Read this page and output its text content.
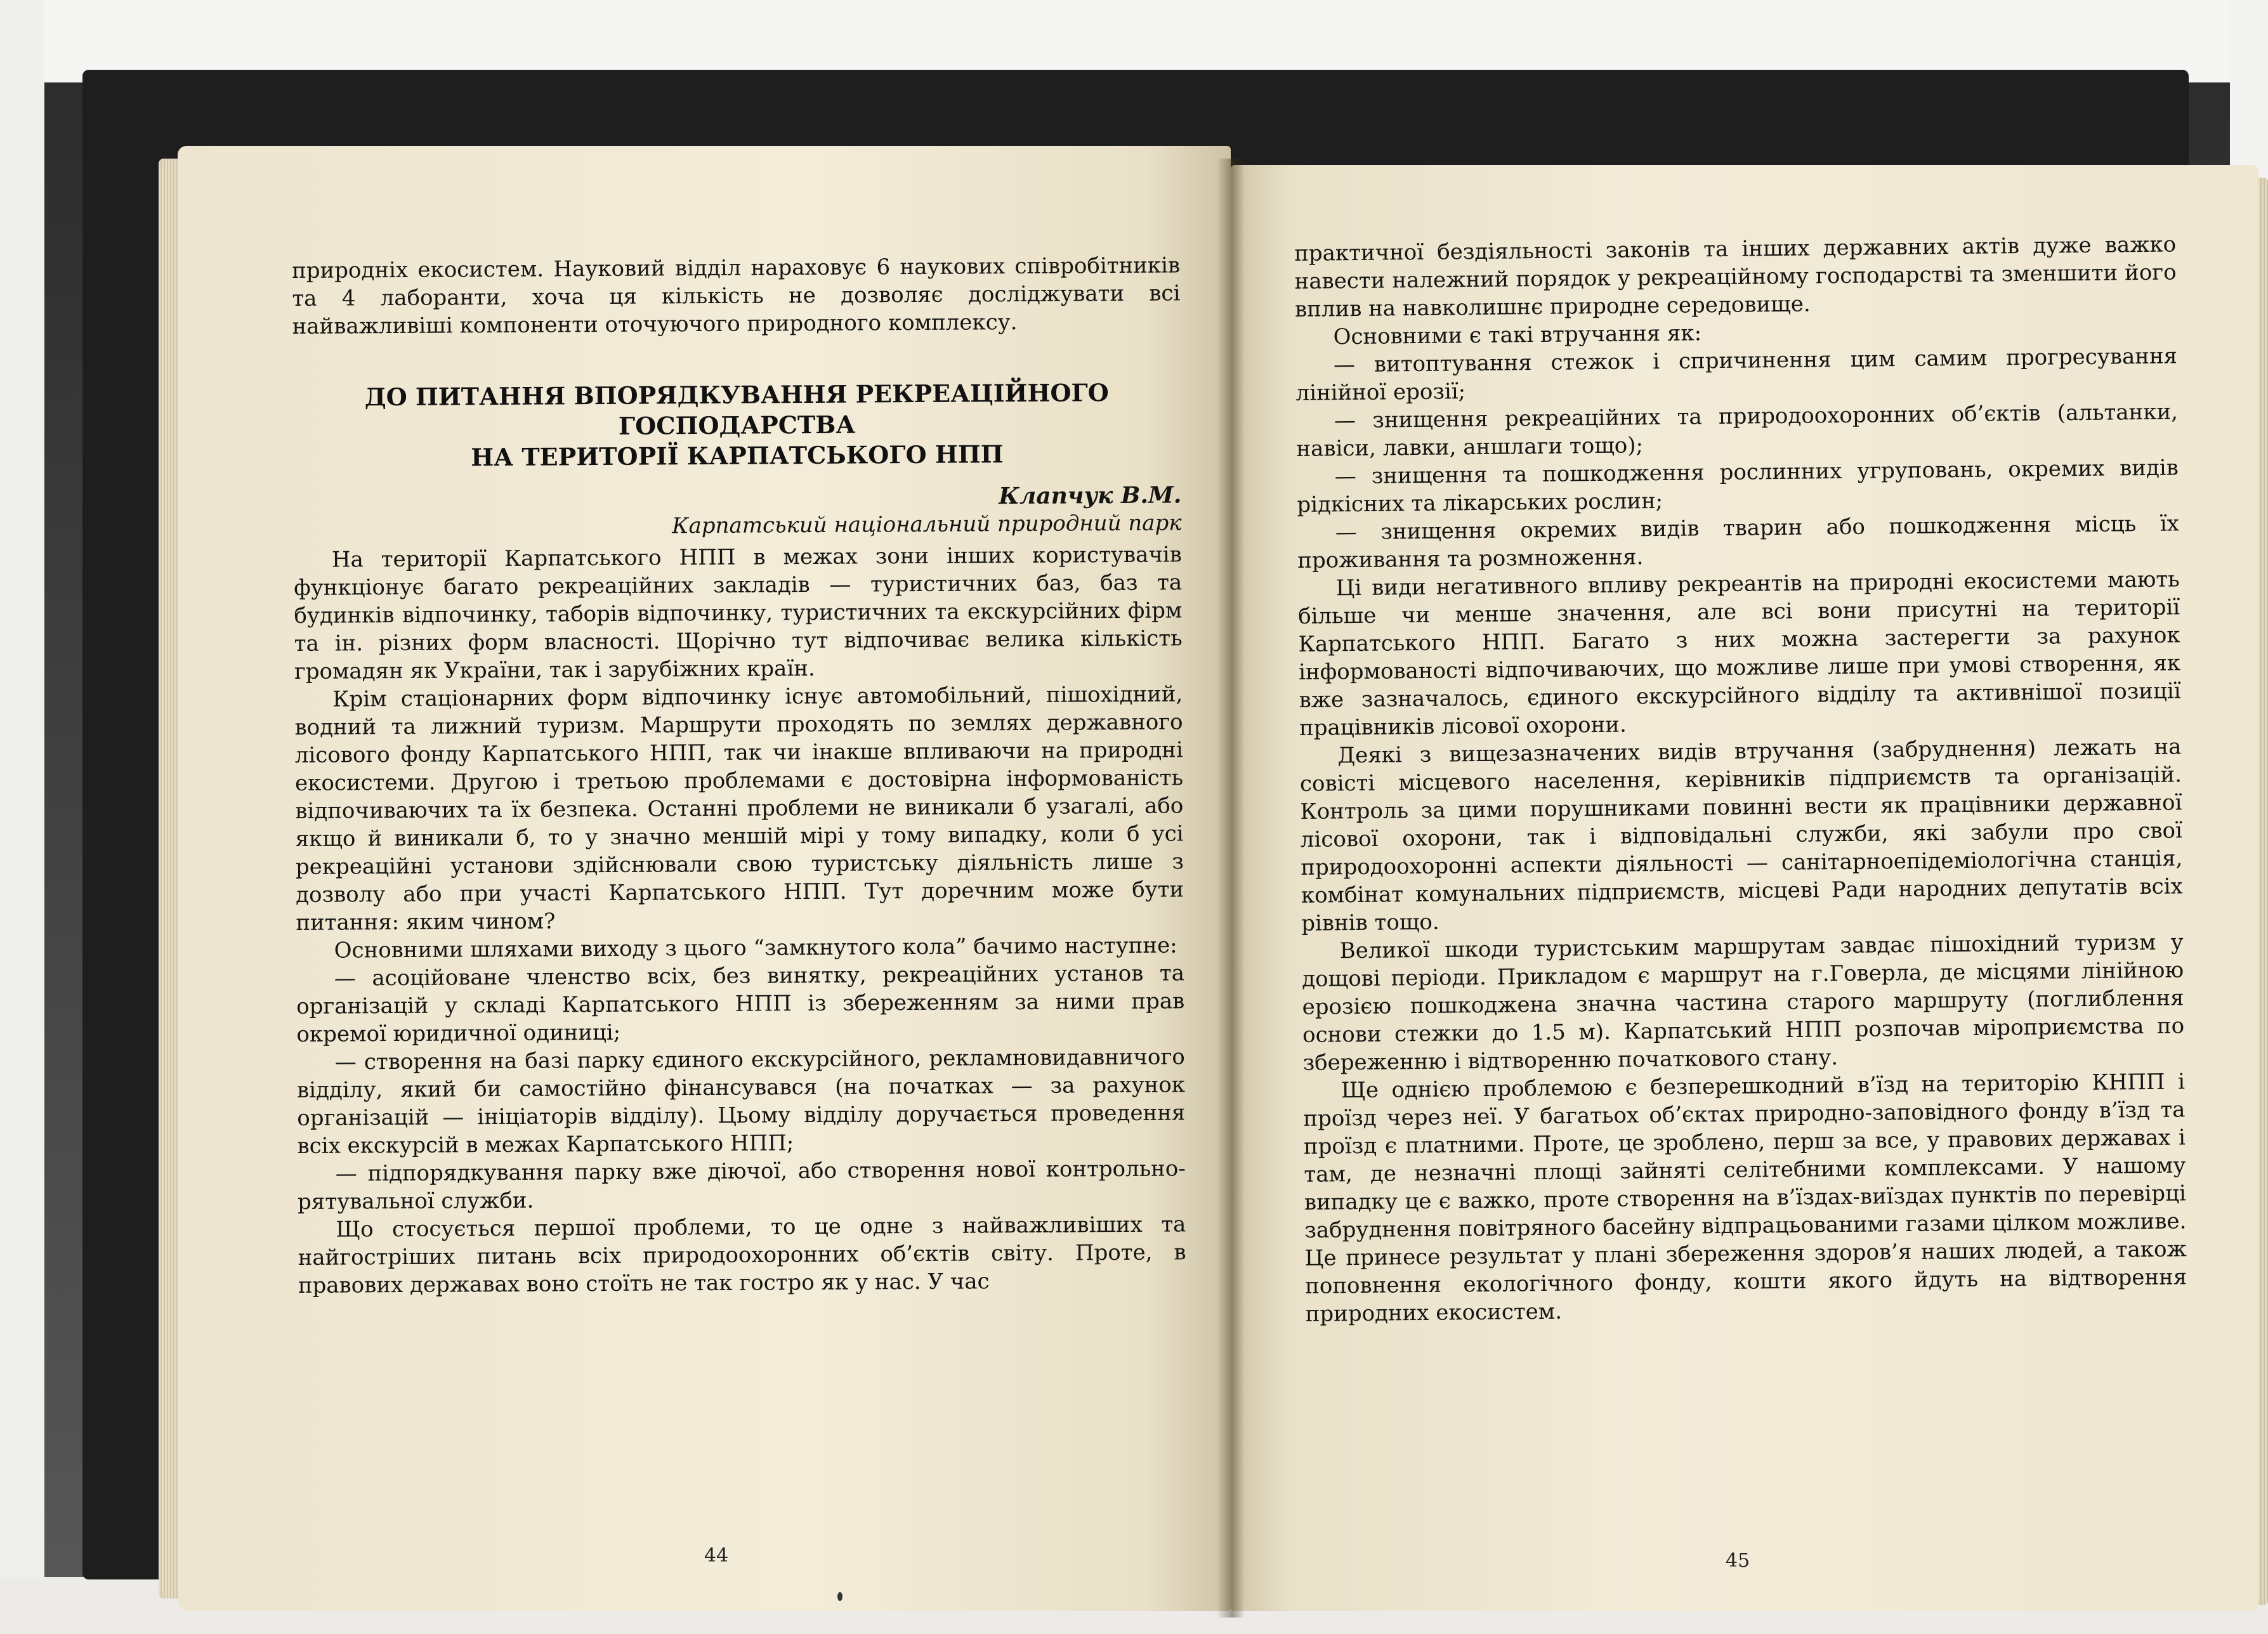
природніх екосистем. Науковий відділ нараховує 6 наукових співробітників та 4 лаборанти, хоча ця кількість не дозволяє досліджувати всі найважливіші компоненти оточуючого природного комплексу.

ДО ПИТАННЯ ВПОРЯДКУВАННЯ РЕКРЕАЦІЙНОГО
ГОСПОДАРСТВА
НА ТЕРИТОРІЇ КАРПАТСЬКОГО НПП
Клапчук В.М.
Карпатський національний природний парк

На території Карпатського НПП в межах зони інших користувачів функціонує багато рекреаційних закладів — туристичних баз, баз та будинків відпочинку, таборів відпочинку, туристичних та екскурсійних фірм та ін. різних форм власності. Щорічно тут відпочиває велика кількість громадян як України, так і зарубіжних країн.

Крім стаціонарних форм відпочинку існує автомобільний, пішохідний, водний та лижний туризм. Маршрути проходять по землях державного лісового фонду Карпатського НПП, так чи інакше впливаючи на природні екосистеми. Другою і третьою проблемами є достовірна інформованість відпочиваючих та їх безпека. Останні проблеми не виникали б узагалі, або якщо й виникали б, то у значно меншій мірі у тому випадку, коли б усі рекреаційні установи здійснювали свою туристську діяльність лише з дозволу або при участі Карпатського НПП. Тут доречним може бути питання: яким чином?

Основними шляхами виходу з цього “замкнутого кола” бачимо наступне:

— асоційоване членство всіх, без винятку, рекреаційних установ та організацій у складі Карпатського НПП із збереженням за ними прав окремої юридичної одиниці;

— створення на базі парку єдиного екскурсійного, рекламновидавничого відділу, який би самостійно фінансувався (на початках — за рахунок організацій — ініціаторів відділу). Цьому відділу доручається проведення всіх екскурсій в межах Карпатського НПП;

— підпорядкування парку вже діючої, або створення нової контрольно-рятувальної служби.

Що стосується першої проблеми, то це одне з найважливіших та найгостріших питань всіх природоохоронних об’єктів світу. Проте, в правових державах воно стоїть не так гостро як у нас. У час

44

практичної бездіяльності законів та інших державних актів дуже важко навести належний порядок у рекреаційному господарстві та зменшити його вплив на навколишнє природне середовище.

Основними є такі втручання як:

— витоптування стежок і спричинення цим самим прогресування лінійної ерозії;

— знищення рекреаційних та природоохоронних об’єктів (альтанки, навіси, лавки, аншлаги тощо);

— знищення та пошкодження рослинних угруповань, окремих видів рідкісних та лікарських рослин;

— знищення окремих видів тварин або пошкодження місць їх проживання та розмноження.

Ці види негативного впливу рекреантів на природні екосистеми мають більше чи менше значення, але всі вони присутні на території Карпатського НПП. Багато з них можна застерегти за рахунок інформованості відпочиваючих, що можливе лише при умові створення, як вже зазначалось, єдиного екскурсійного відділу та активнішої позиції працівників лісової охорони.

Деякі з вищезазначених видів втручання (забруднення) лежать на совісті місцевого населення, керівників підприємств та організацій. Контроль за цими порушниками повинні вести як працівники державної лісової охорони, так і відповідальні служби, які забули про свої природоохоронні аспекти діяльності — санітарноепідеміологічна станція, комбінат комунальних підприємств, місцеві Ради народних депутатів всіх рівнів тощо.

Великої шкоди туристським маршрутам завдає пішохідний туризм у дощові періоди. Прикладом є маршрут на г.Говерла, де місцями лінійною ерозією пошкоджена значна частина старого маршруту (поглиблення основи стежки до 1.5 м). Карпатський НПП розпочав міроприємства по збереженню і відтворенню початкового стану.

Ще однією проблемою є безперешкодний в’їзд на територію КНПП і проїзд через неї. У багатьох об’єктах природно-заповідного фонду в’їзд та проїзд є платними. Проте, це зроблено, перш за все, у правових державах і там, де незначні площі зайняті селітебними комплексами. У нашому випадку це є важко, проте створення на в’їздах-виїздах пунктів по перевірці забруднення повітряного басейну відпрацьованими газами цілком можливе. Це принесе результат у плані збереження здоров’я наших людей, а також поповнення екологічного фонду, кошти якого йдуть на відтворення природних екосистем.

45
